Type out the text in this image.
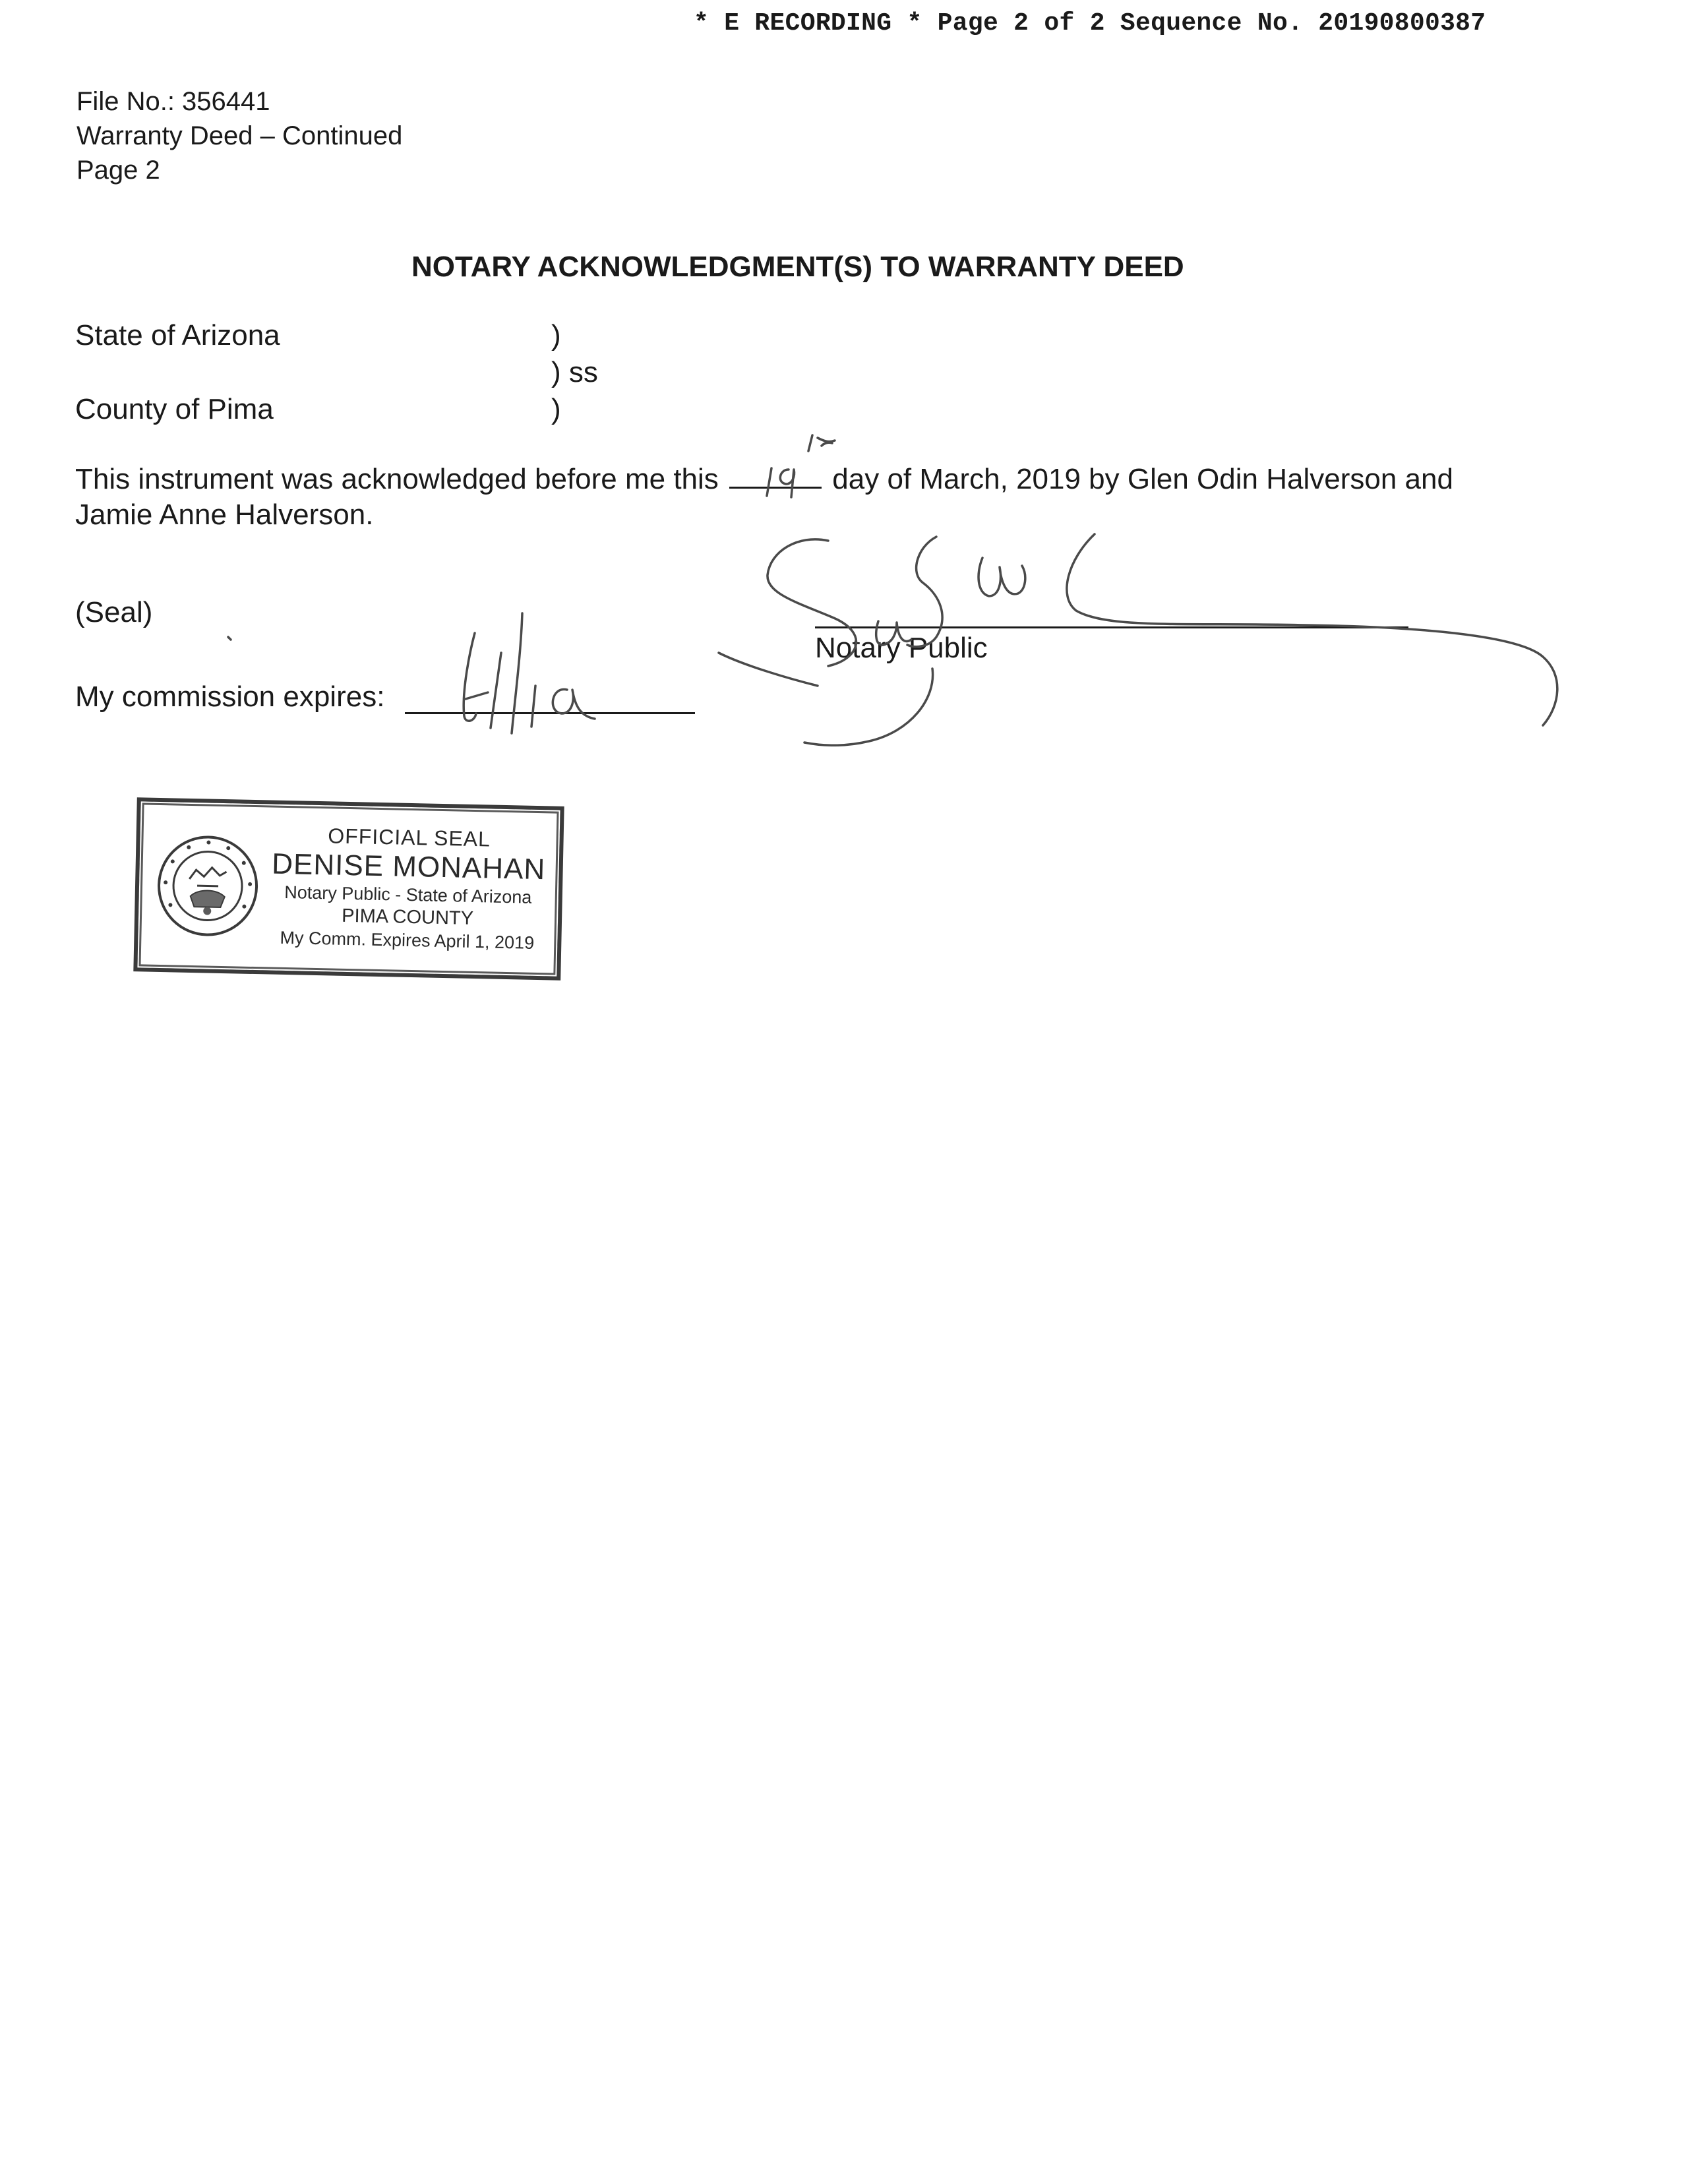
* E RECORDING * Page 2 of 2 Sequence No. 20190800387
File No.: 356441
Warranty Deed – Continued
Page 2
NOTARY ACKNOWLEDGMENT(S) TO WARRANTY DEED
State of Arizona	)
) ss
County of Pima	)
This instrument was acknowledged before me this	day of March, 2019 by Glen Odin Halverson and
Jamie Anne Halverson.
(Seal)
My commission expires:
Notary Public
OFFICIAL SEAL
DENISE MONAHAN
Notary Public - State of Arizona
PIMA COUNTY
My Comm. Expires April 1, 2019
